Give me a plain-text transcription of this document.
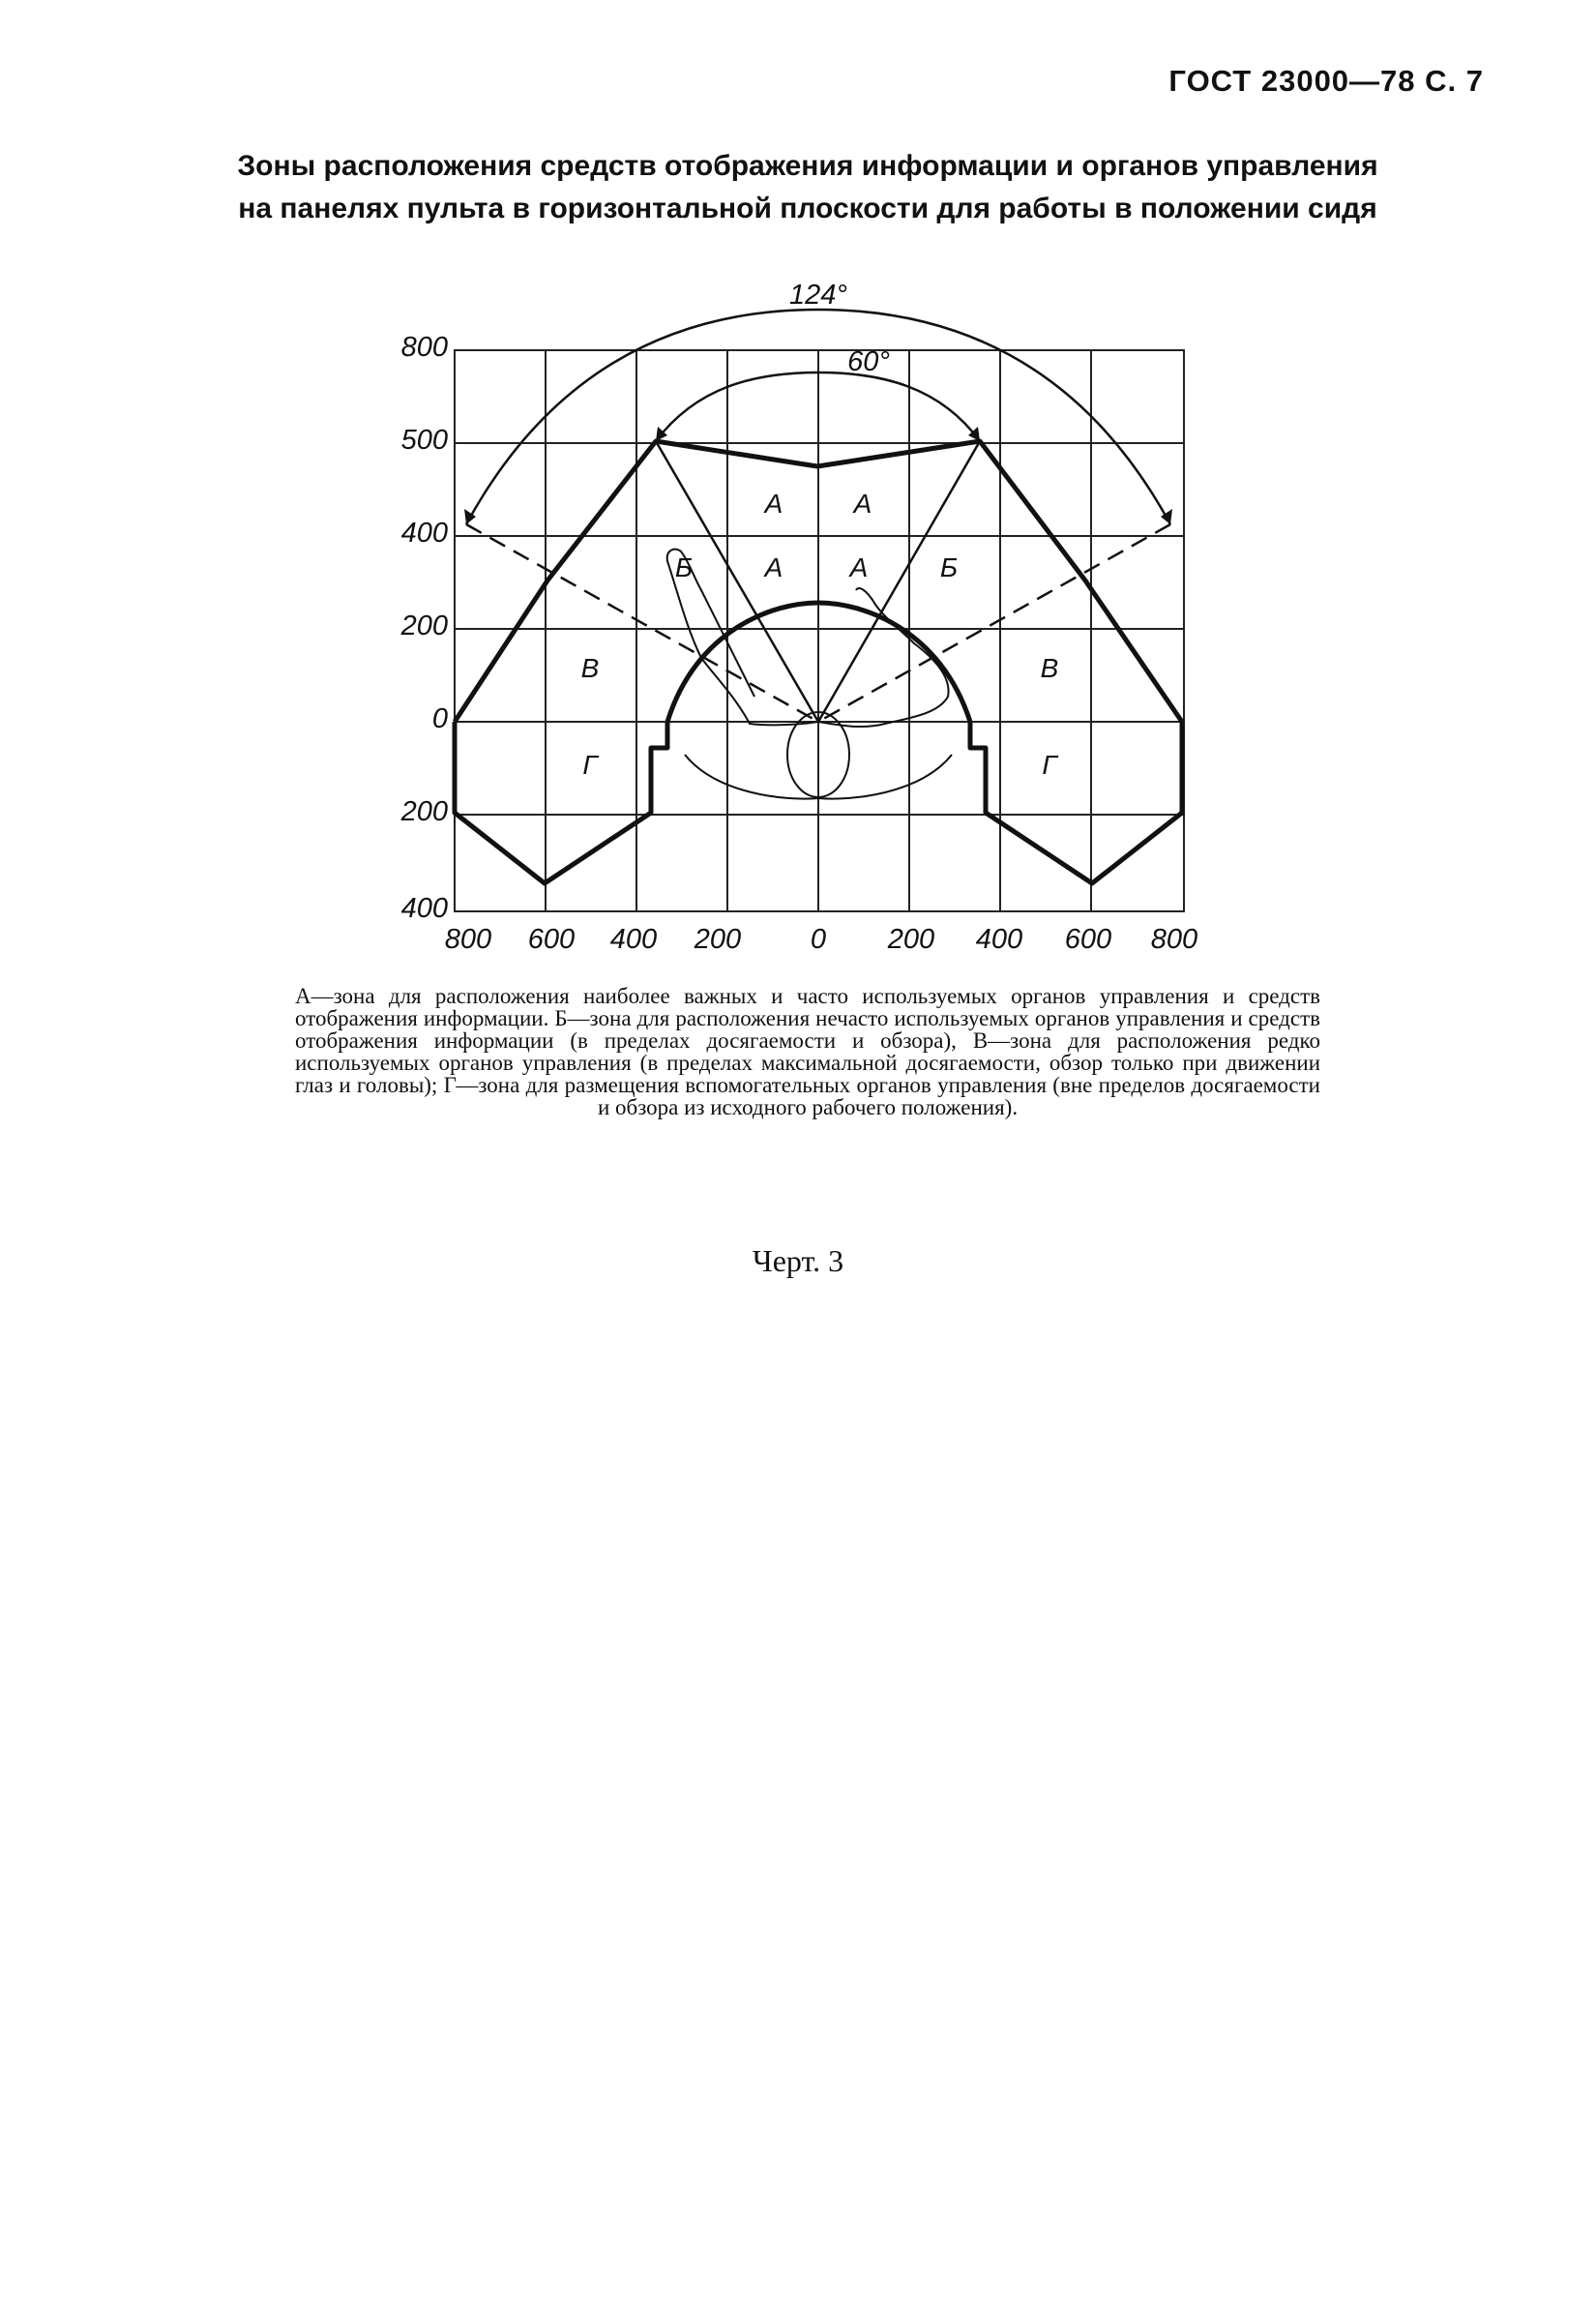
ГОСТ 23000—78 С. 7
Зоны расположения средств отображения информации и органов управления
на панелях пульта в горизонтальной плоскости для работы в положении сидя
800
500
400
200
0
200
400
800 600 400 200 0 200 400 600 800
124°
60°
А	А
А А
Б	Б
В	В
Г	Г
А—зона для расположения наиболее важных и часто используемых органов управления и средств отображения информации. Б—зона для расположения нечасто используемых органов управления и средств отображения информации (в пределах досягаемости и обзора), В—зона для расположения редко используемых органов управления (в пределах максимальной досягаемости, обзор только при движении глаз и головы); Г—зона для размещения вспомогательных органов управления (вне пределов досягаемости и обзора из исходного рабочего положения).
Черт. 3
